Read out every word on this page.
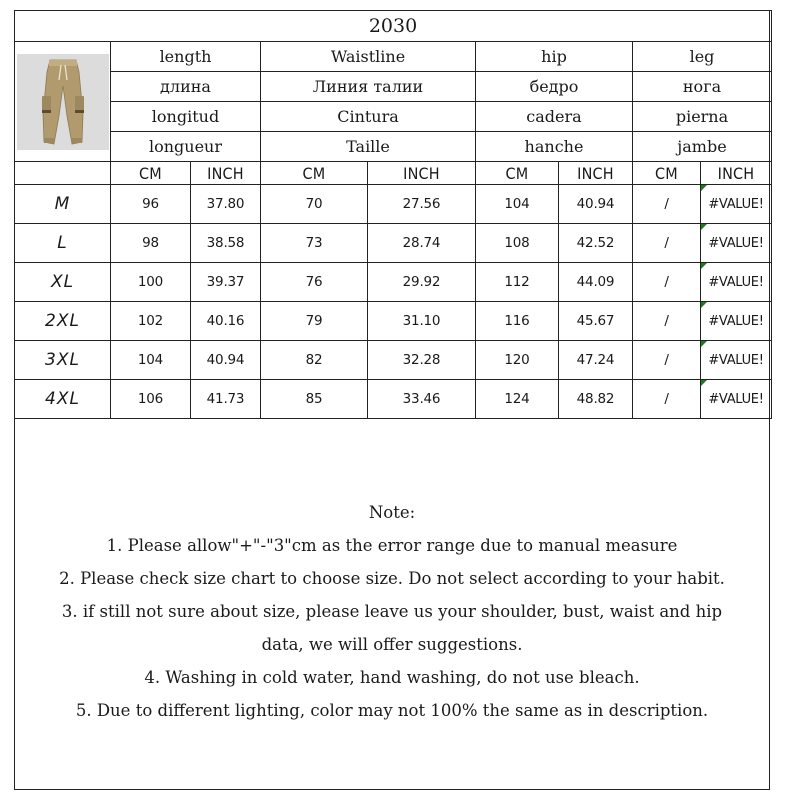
2030								

	length		Waistline		hip		leg	
	длина		Линия талии		бедро		нога	
	longitud		Cintura		cadera		pierna	
	longueur		Taille		hanche		jambe	
	CM	INCH	CM	INCH	CM	INCH	CM	INCH
M	96	37.80	70	27.56	104	40.94	/	#VALUE!
L	98	38.58	73	28.74	108	42.52	/	#VALUE!
XL	100	39.37	76	29.92	112	44.09	/	#VALUE!
2XL	102	40.16	79	31.10	116	45.67	/	#VALUE!
3XL	104	40.94	82	32.28	120	47.24	/	#VALUE!
4XL	106	41.73	85	33.46	124	48.82	/	#VALUE!
Note:
1. Please allow"+"-"3"cm as the error range due to manual measure
2. Please check size chart to choose size. Do not select according to your habit.
3. if still not sure about size, please leave us your shoulder, bust, waist and hip
data, we will offer suggestions.
4. Washing in cold water, hand washing, do not use bleach.
5. Due to different lighting, color may not 100% the same as in description.
